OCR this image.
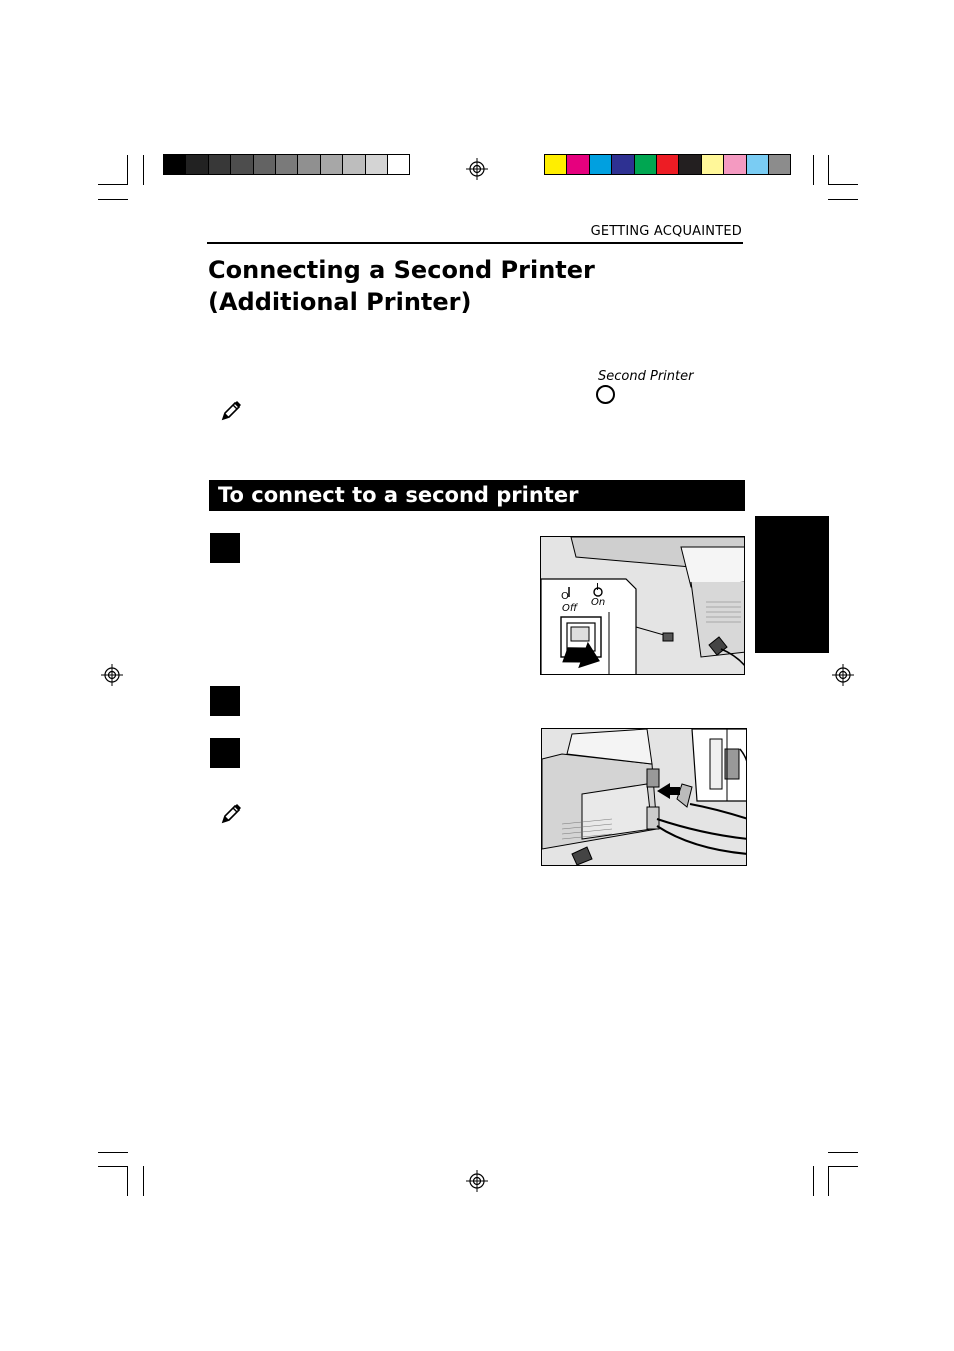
GETTING ACQUAINTED
Connecting a Second Printer (Additional Printer)
Second Printer
To connect to a second printer
O
I
Off
On
